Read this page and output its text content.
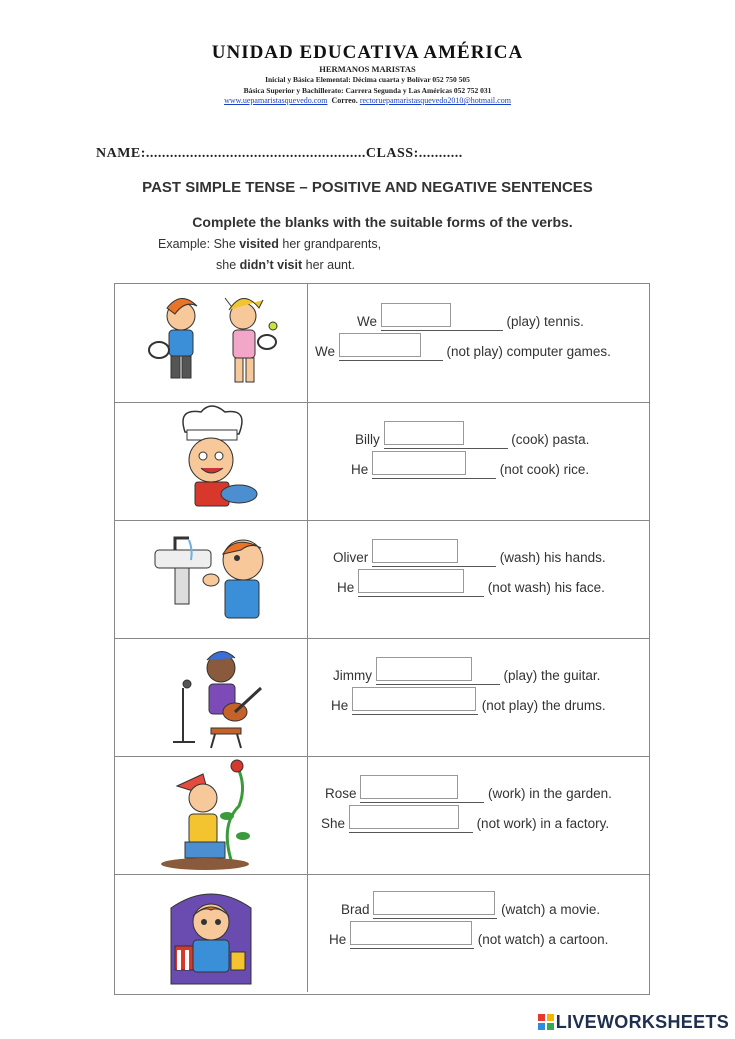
UNIDAD EDUCATIVA AMÉRICA
HERMANOS MARISTAS
Inicial y Básica Elemental: Décima cuarta y Bolívar 052 750 505
Básica Superior y Bachillerato: Carrera Segunda y Las Américas 052 752 031
www.uepamaristasquevedo.com Correo. rectoruepamaristasquevedo2010@hotmail.com
NAME:.......................................................CLASS:...........
PAST SIMPLE TENSE – POSITIVE AND NEGATIVE SENTENCES
Complete the blanks with the suitable forms of the verbs.
Example: She visited her grandparents,
she didn’t visit her aunt.
We	(play) tennis.
We	(not play) computer games.
Billy	(cook) pasta.
He	(not cook) rice.
Oliver	(wash) his hands.
He	(not wash) his face.
Jimmy	(play) the guitar.
He	(not play) the drums.
Rose	(work) in the garden.
She	(not work) in a factory.
Brad	(watch) a movie.
He	(not watch) a cartoon.
LIVEWORKSHEETS
